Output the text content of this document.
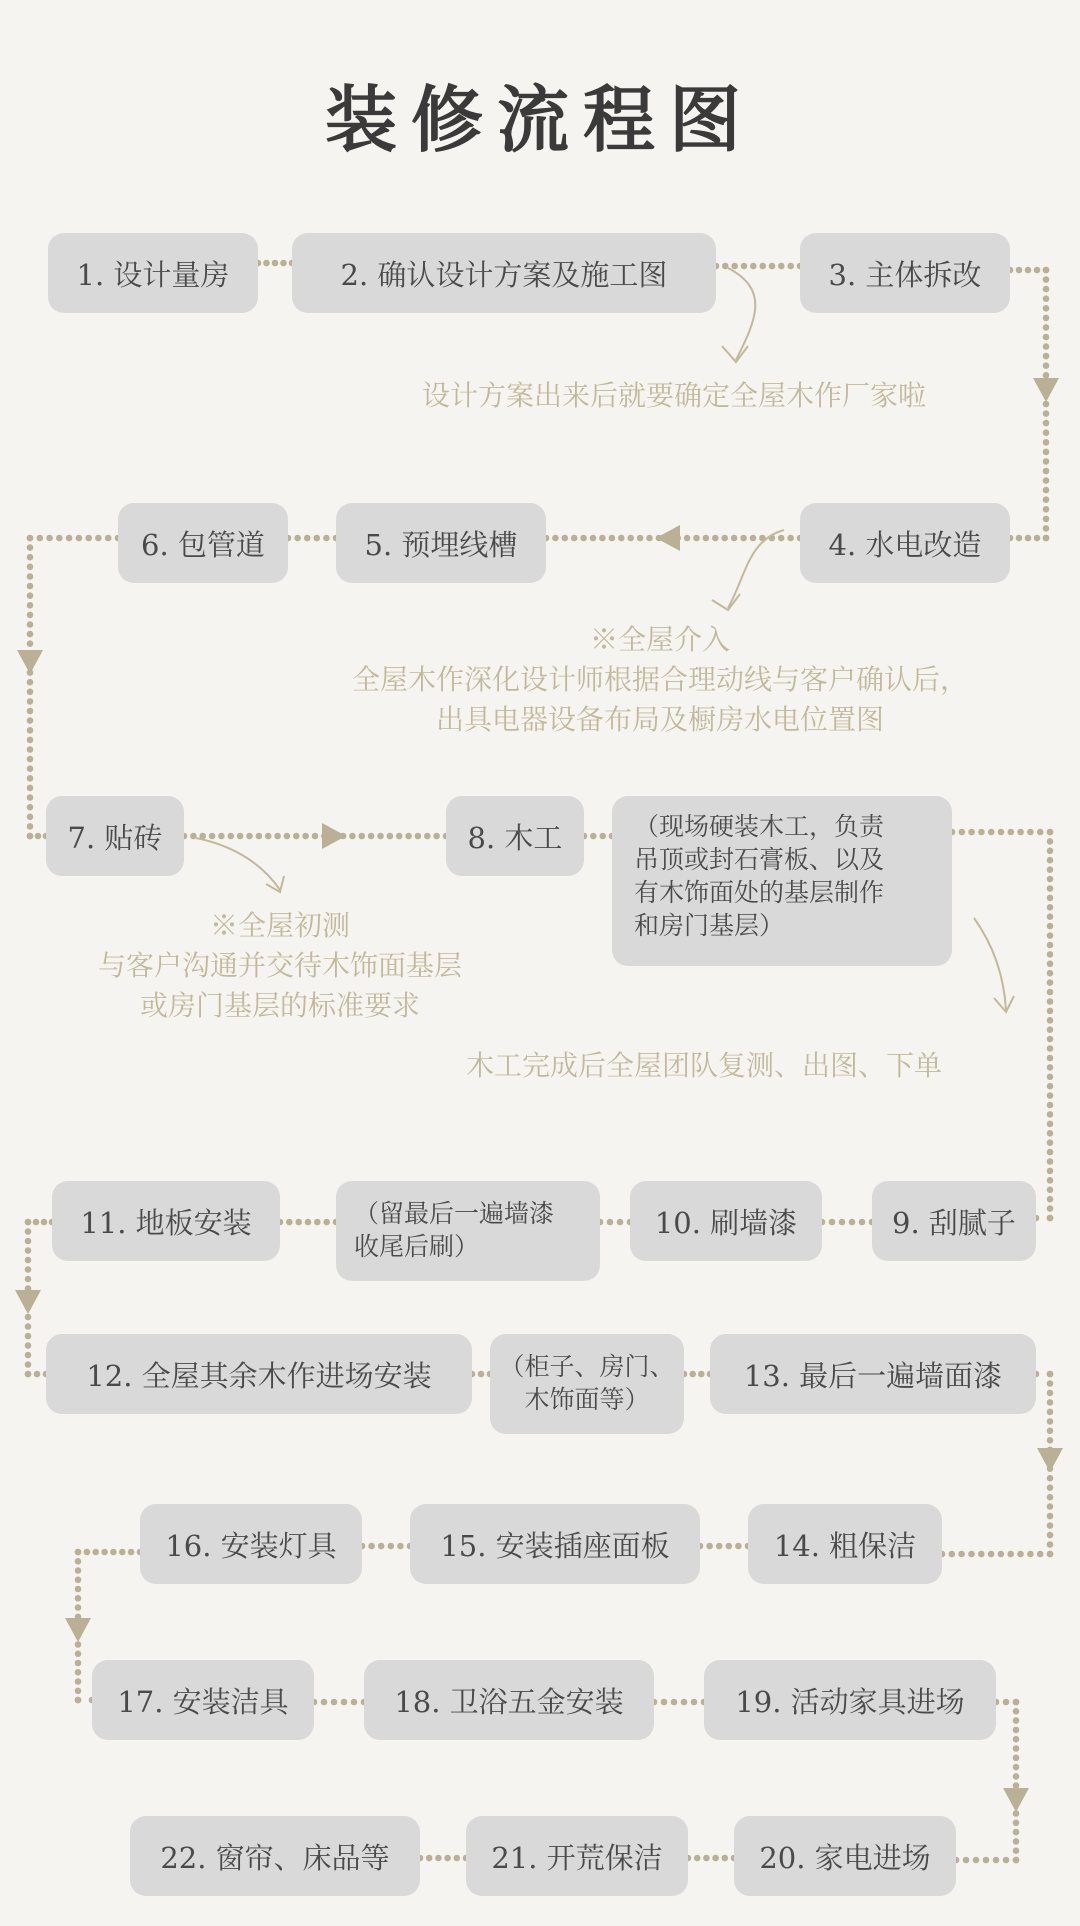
装修流程图
1. 设计量房	2. 确认设计方案及施工图	3. 主体拆改
4. 水电改造
5. 预埋线槽
6. 包管道
7. 贴砖	8. 木工	（现场硬装木工，负责
吊顶或封石膏板、以及
有木饰面处的基层制作
和房门基层）
9. 刮腻子
10. 刷墙漆
（留最后一遍墙漆
收尾后刷）
11. 地板安装
12. 全屋其余木作进场安装	（柜子、房门、
木饰面等）
13. 最后一遍墙面漆
14. 粗保洁
15. 安装插座面板
16. 安装灯具
17. 安装洁具	18. 卫浴五金安装	19. 活动家具进场
20. 家电进场
21. 开荒保洁
22. 窗帘、床品等
设计方案出来后就要确定全屋木作厂家啦
※全屋介入
全屋木作深化设计师根据合理动线与客户确认后，
出具电器设备布局及橱房水电位置图
※全屋初测
与客户沟通并交待木饰面基层
或房门基层的标准要求
木工完成后全屋团队复测、出图、下单
